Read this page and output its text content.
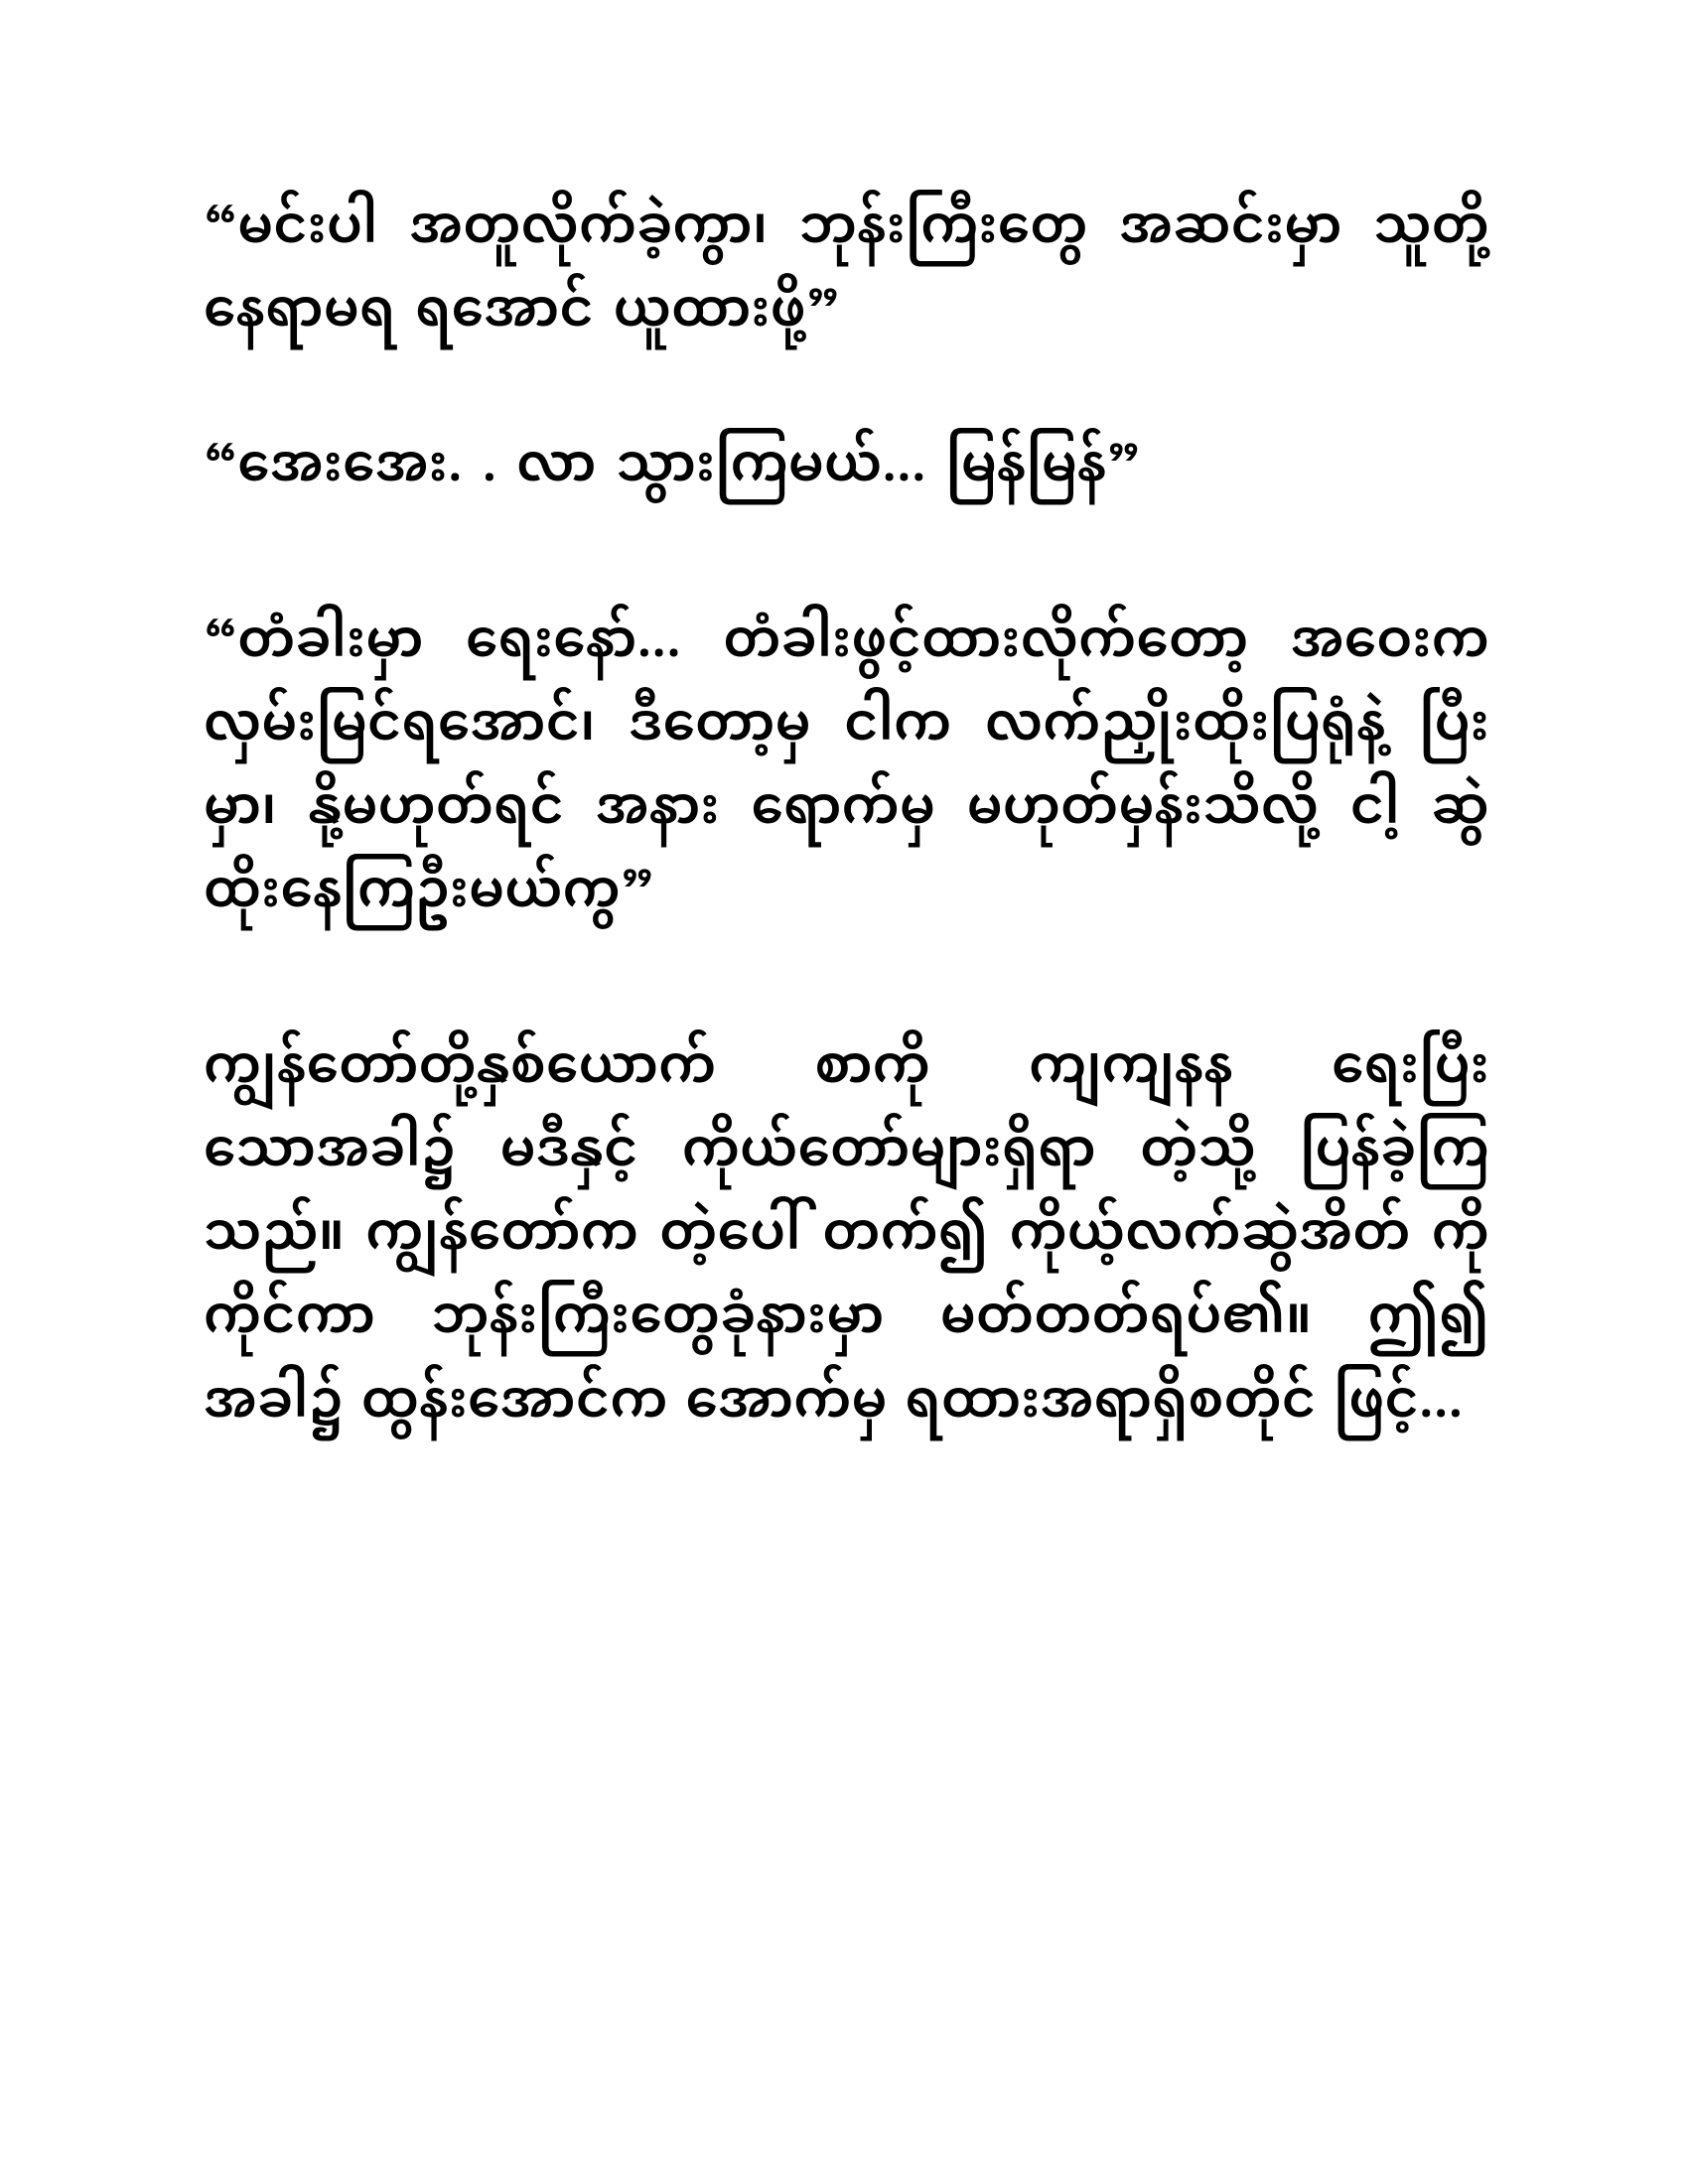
“မင်းပါ အတူလိုက်ခဲ့ကွာ၊ ဘုန်းကြီးတွေ အဆင်းမှာ သူတို့နေရာမရ ရအောင် ယူထားဖို့”

“အေးအေး. . လာ သွားကြမယ်... မြန်မြန်”

“တံခါးမှာ ရေးနော်... တံခါးဖွင့်ထားလိုက်တော့ အဝေးက လှမ်းမြင်ရအောင်၊ ဒီတော့မှ ငါက လက်ညှိုးထိုးပြရုံနဲ့ ပြီးမှာ၊ နို့မဟုတ်ရင် အနား ရောက်မှ မဟုတ်မှန်းသိလို့ ငါ့ ဆွဲထိုးနေကြဦးမယ်ကွ”

ကျွန်တော်တို့နှစ်ယောက် စာကို ကျကျနန ရေးပြီး သောအခါ၌ မဒီနှင့် ကိုယ်တော်များရှိရာ တဲ့သို့ ပြန်ခဲ့ကြ သည်။ ကျွန်တော်က တဲ့ပေါ် တက်၍ ကိုယ့်လက်ဆွဲအိတ် ကိုကိုင်ကာ ဘုန်းကြီးတွေခုံနားမှာ မတ်တတ်ရပ်၏။ ဤ၍ အခါ၌ ထွန်းအောင်က အောက်မှ ရထားအရာရှိစတိုင် ဖြင့်...
